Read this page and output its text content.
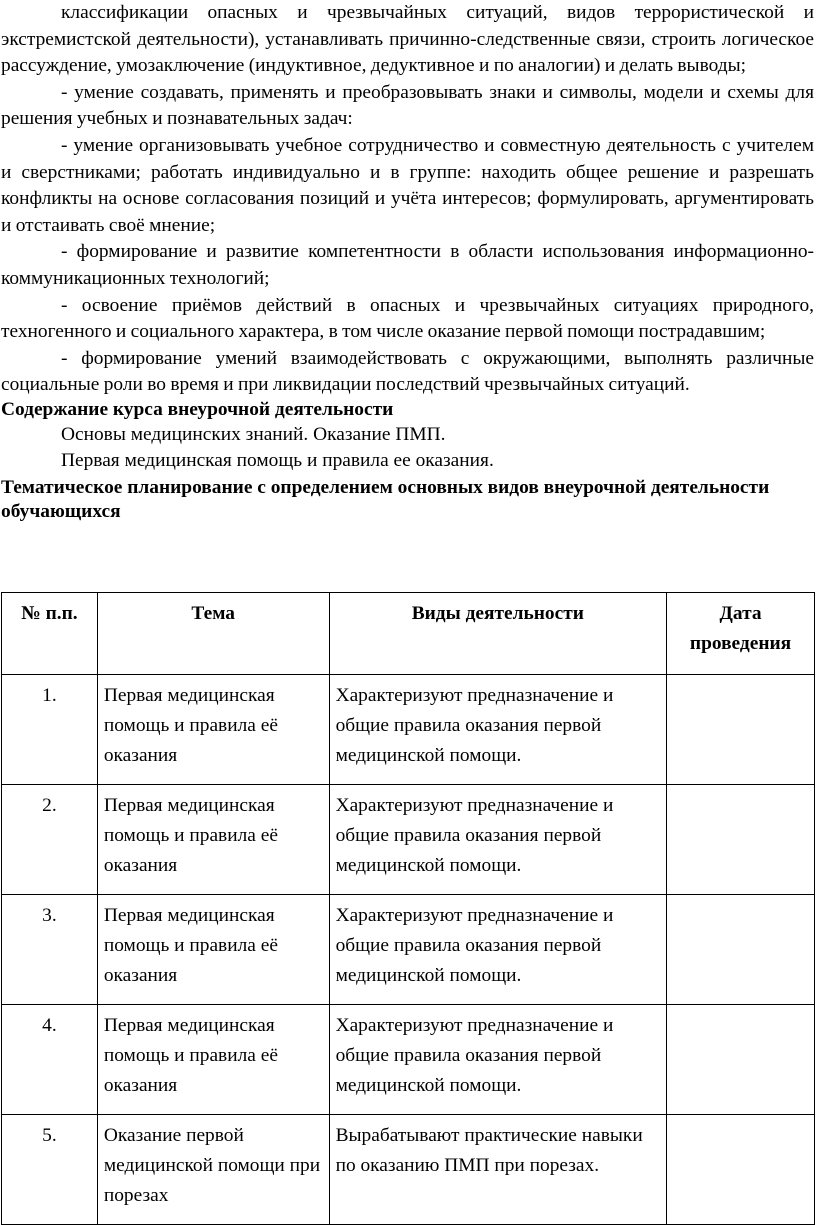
классификации опасных и чрезвычайных ситуаций, видов террористической и экстремистской деятельности), устанавливать причинно-следственные связи, строить логическое рассуждение, умозаключение (индуктивное, дедуктивное и по аналогии) и делать выводы;

- умение создавать, применять и преобразовывать знаки и символы, модели и схемы для решения учебных и познавательных задач:

- умение организовывать учебное сотрудничество и совместную деятельность с учителем и сверстниками; работать индивидуально и в группе: находить общее решение и разрешать конфликты на основе согласования позиций и учёта интересов; формулировать, аргументировать и отстаивать своё мнение;

- формирование и развитие компетентности в области использования информационно-коммуникационных технологий;

- освоение приёмов действий в опасных и чрезвычайных ситуациях природного, техногенного и социального характера, в том числе оказание первой помощи пострадавшим;

- формирование умений взаимодействовать с окружающими, выполнять различные социальные роли во время и при ликвидации последствий чрезвычайных ситуаций.

Содержание курса внеурочной деятельности

Основы медицинских знаний. Оказание ПМП.

Первая медицинская помощь и правила ее оказания.

Тематическое планирование с определением основных видов внеурочной деятельности обучающихся

№ п.п.	Тема	Виды деятельности	Дата проведения
1.	Первая медицинская помощь и правила её оказания	Характеризуют предназначение и общие правила оказания первой медицинской помощи.	
2.	Первая медицинская помощь и правила её оказания	Характеризуют предназначение и общие правила оказания первой медицинской помощи.	
3.	Первая медицинская помощь и правила её оказания	Характеризуют предназначение и общие правила оказания первой медицинской помощи.	
4.	Первая медицинская помощь и правила её оказания	Характеризуют предназначение и общие правила оказания первой медицинской помощи.	
5.	Оказание первой медицинской помощи при порезах	Вырабатывают практические навыки по оказанию ПМП при порезах.	
